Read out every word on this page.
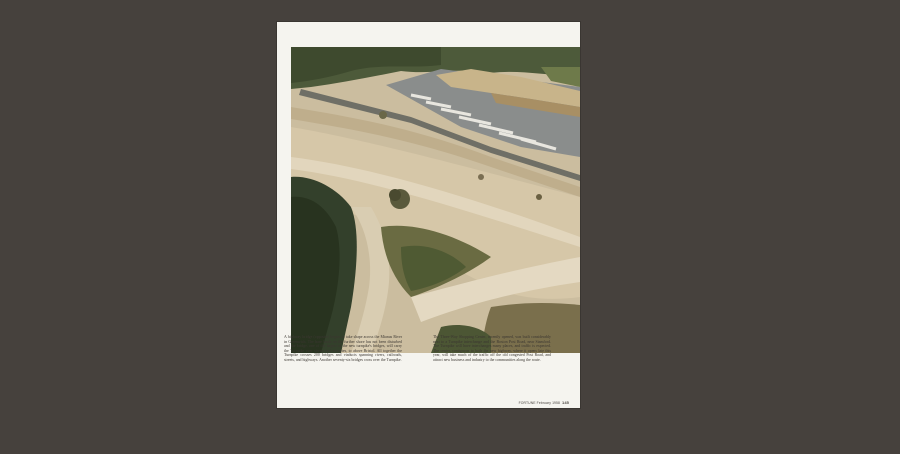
A highway bridge (opposite) begins to take shape across the Mianus River in Greenwich. The bare lands on the further shore has not been disturbed and the bridge, one of the largest of the new turnpike's bridges, will carry the Turnpike over streets and estuaries, to above Bristol. All together the Turnpike crosses 200 bridges and viaducts spanning rivers, railroads, streets, and highways. Another seventy-six bridges cross over the Turnpike.
The Three-Way Shopping Center, recently opened, was built considerably next to a Turnpike interchange and the Boston Post Road, near Stamford. The Turnpike will have interchanges many places, and traffic is expected. The center, contiguous to both the new highway, where it opens late this year, will take much of the traffic off the old congested Post Road, and attract new business and industry to the communities along the route.
FORTUNE February 1958 145
